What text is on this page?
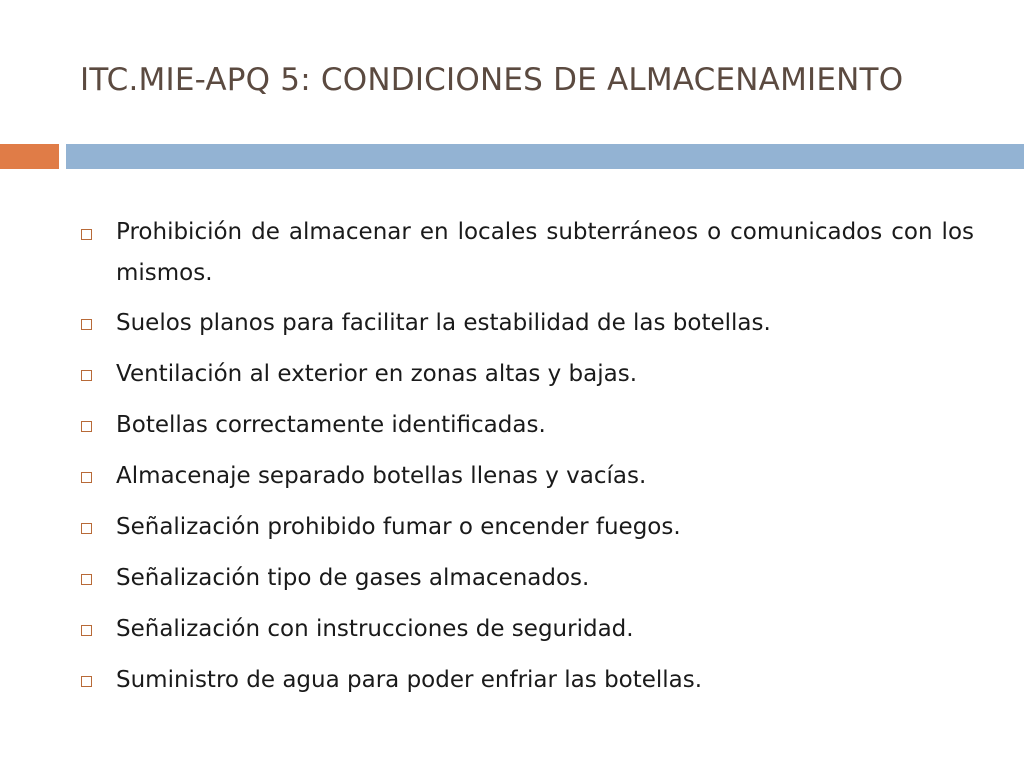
ITC.MIE-APQ 5: CONDICIONES DE ALMACENAMIENTO
Prohibición de almacenar en locales subterráneos o comunicados con los mismos.
Suelos planos para facilitar la estabilidad de las botellas.
Ventilación al exterior en zonas altas y bajas.
Botellas correctamente identificadas.
Almacenaje separado botellas llenas y vacías.
Señalización prohibido fumar o encender fuegos.
Señalización tipo de gases almacenados.
Señalización con instrucciones de seguridad.
Suministro de agua para poder enfriar las botellas.
